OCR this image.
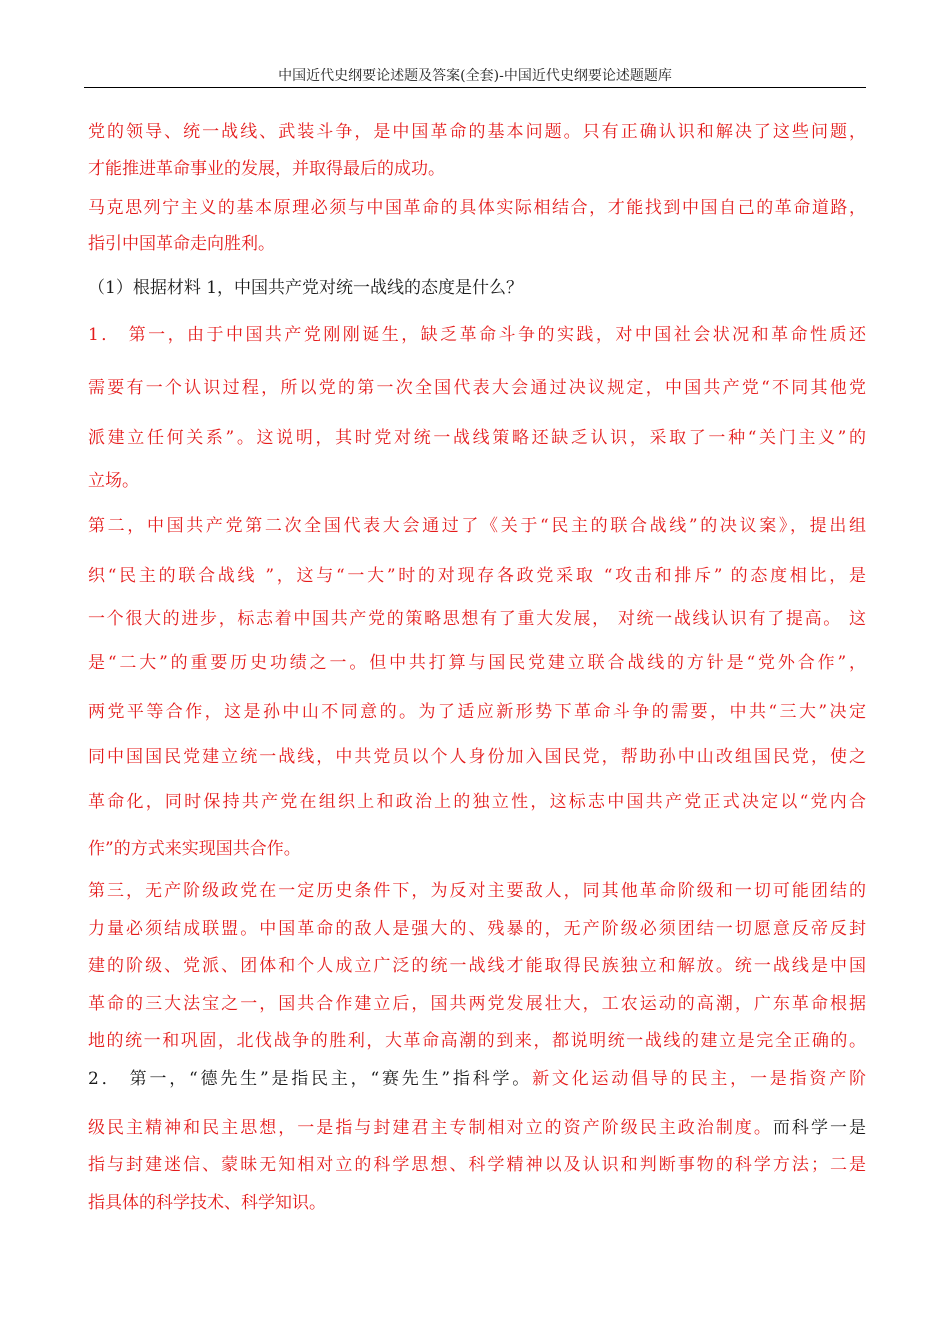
中国近代史纲要论述题及答案(全套)-中国近代史纲要论述题题库
党的领导、统一战线、武装斗争，是中国革命的基本问题。只有正确认识和解决了这些问题，
才能推进革命事业的发展，并取得最后的成功。
马克思列宁主义的基本原理必须与中国革命的具体实际相结合，才能找到中国自己的革命道路，
指引中国革命走向胜利。
（1）根据材料 1，中国共产党对统一战线的态度是什么？
1． 第一，由于中国共产党刚刚诞生，缺乏革命斗争的实践，对中国社会状况和革命性质还
需要有一个认识过程，所以党的第一次全国代表大会通过决议规定，中国共产党“不同其他党
派建立任何关系”。这说明，其时党对统一战线策略还缺乏认识，采取了一种“关门主义”的
立场。
第二，中国共产党第二次全国代表大会通过了《关于“民主的联合战线”的决议案》，提出组
织“民主的联合战线 ”，这与“一大”时的对现存各政党采取 “攻击和排斥” 的态度相比，是
一个很大的进步，标志着中国共产党的策略思想有了重大发展， 对统一战线认识有了提高。 这
是“二大”的重要历史功绩之一。但中共打算与国民党建立联合战线的方针是“党外合作”，
两党平等合作，这是孙中山不同意的。为了适应新形势下革命斗争的需要，中共“三大”决定
同中国国民党建立统一战线，中共党员以个人身份加入国民党，帮助孙中山改组国民党，使之
革命化，同时保持共产党在组织上和政治上的独立性，这标志中国共产党正式决定以“党内合
作”的方式来实现国共合作。
第三，无产阶级政党在一定历史条件下，为反对主要敌人，同其他革命阶级和一切可能团结的
力量必须结成联盟。中国革命的敌人是强大的、残暴的，无产阶级必须团结一切愿意反帝反封
建的阶级、党派、团体和个人成立广泛的统一战线才能取得民族独立和解放。统一战线是中国
革命的三大法宝之一，国共合作建立后，国共两党发展壮大，工农运动的高潮，广东革命根据
地的统一和巩固，北伐战争的胜利，大革命高潮的到来，都说明统一战线的建立是完全正确的。
2． 第一，“德先生”是指民主，“赛先生”指科学。新文化运动倡导的民主，一是指资产阶
级民主精神和民主思想，一是指与封建君主专制相对立的资产阶级民主政治制度。而科学一是
指与封建迷信、蒙昧无知相对立的科学思想、科学精神以及认识和判断事物的科学方法；二是
指具体的科学技术、科学知识。
